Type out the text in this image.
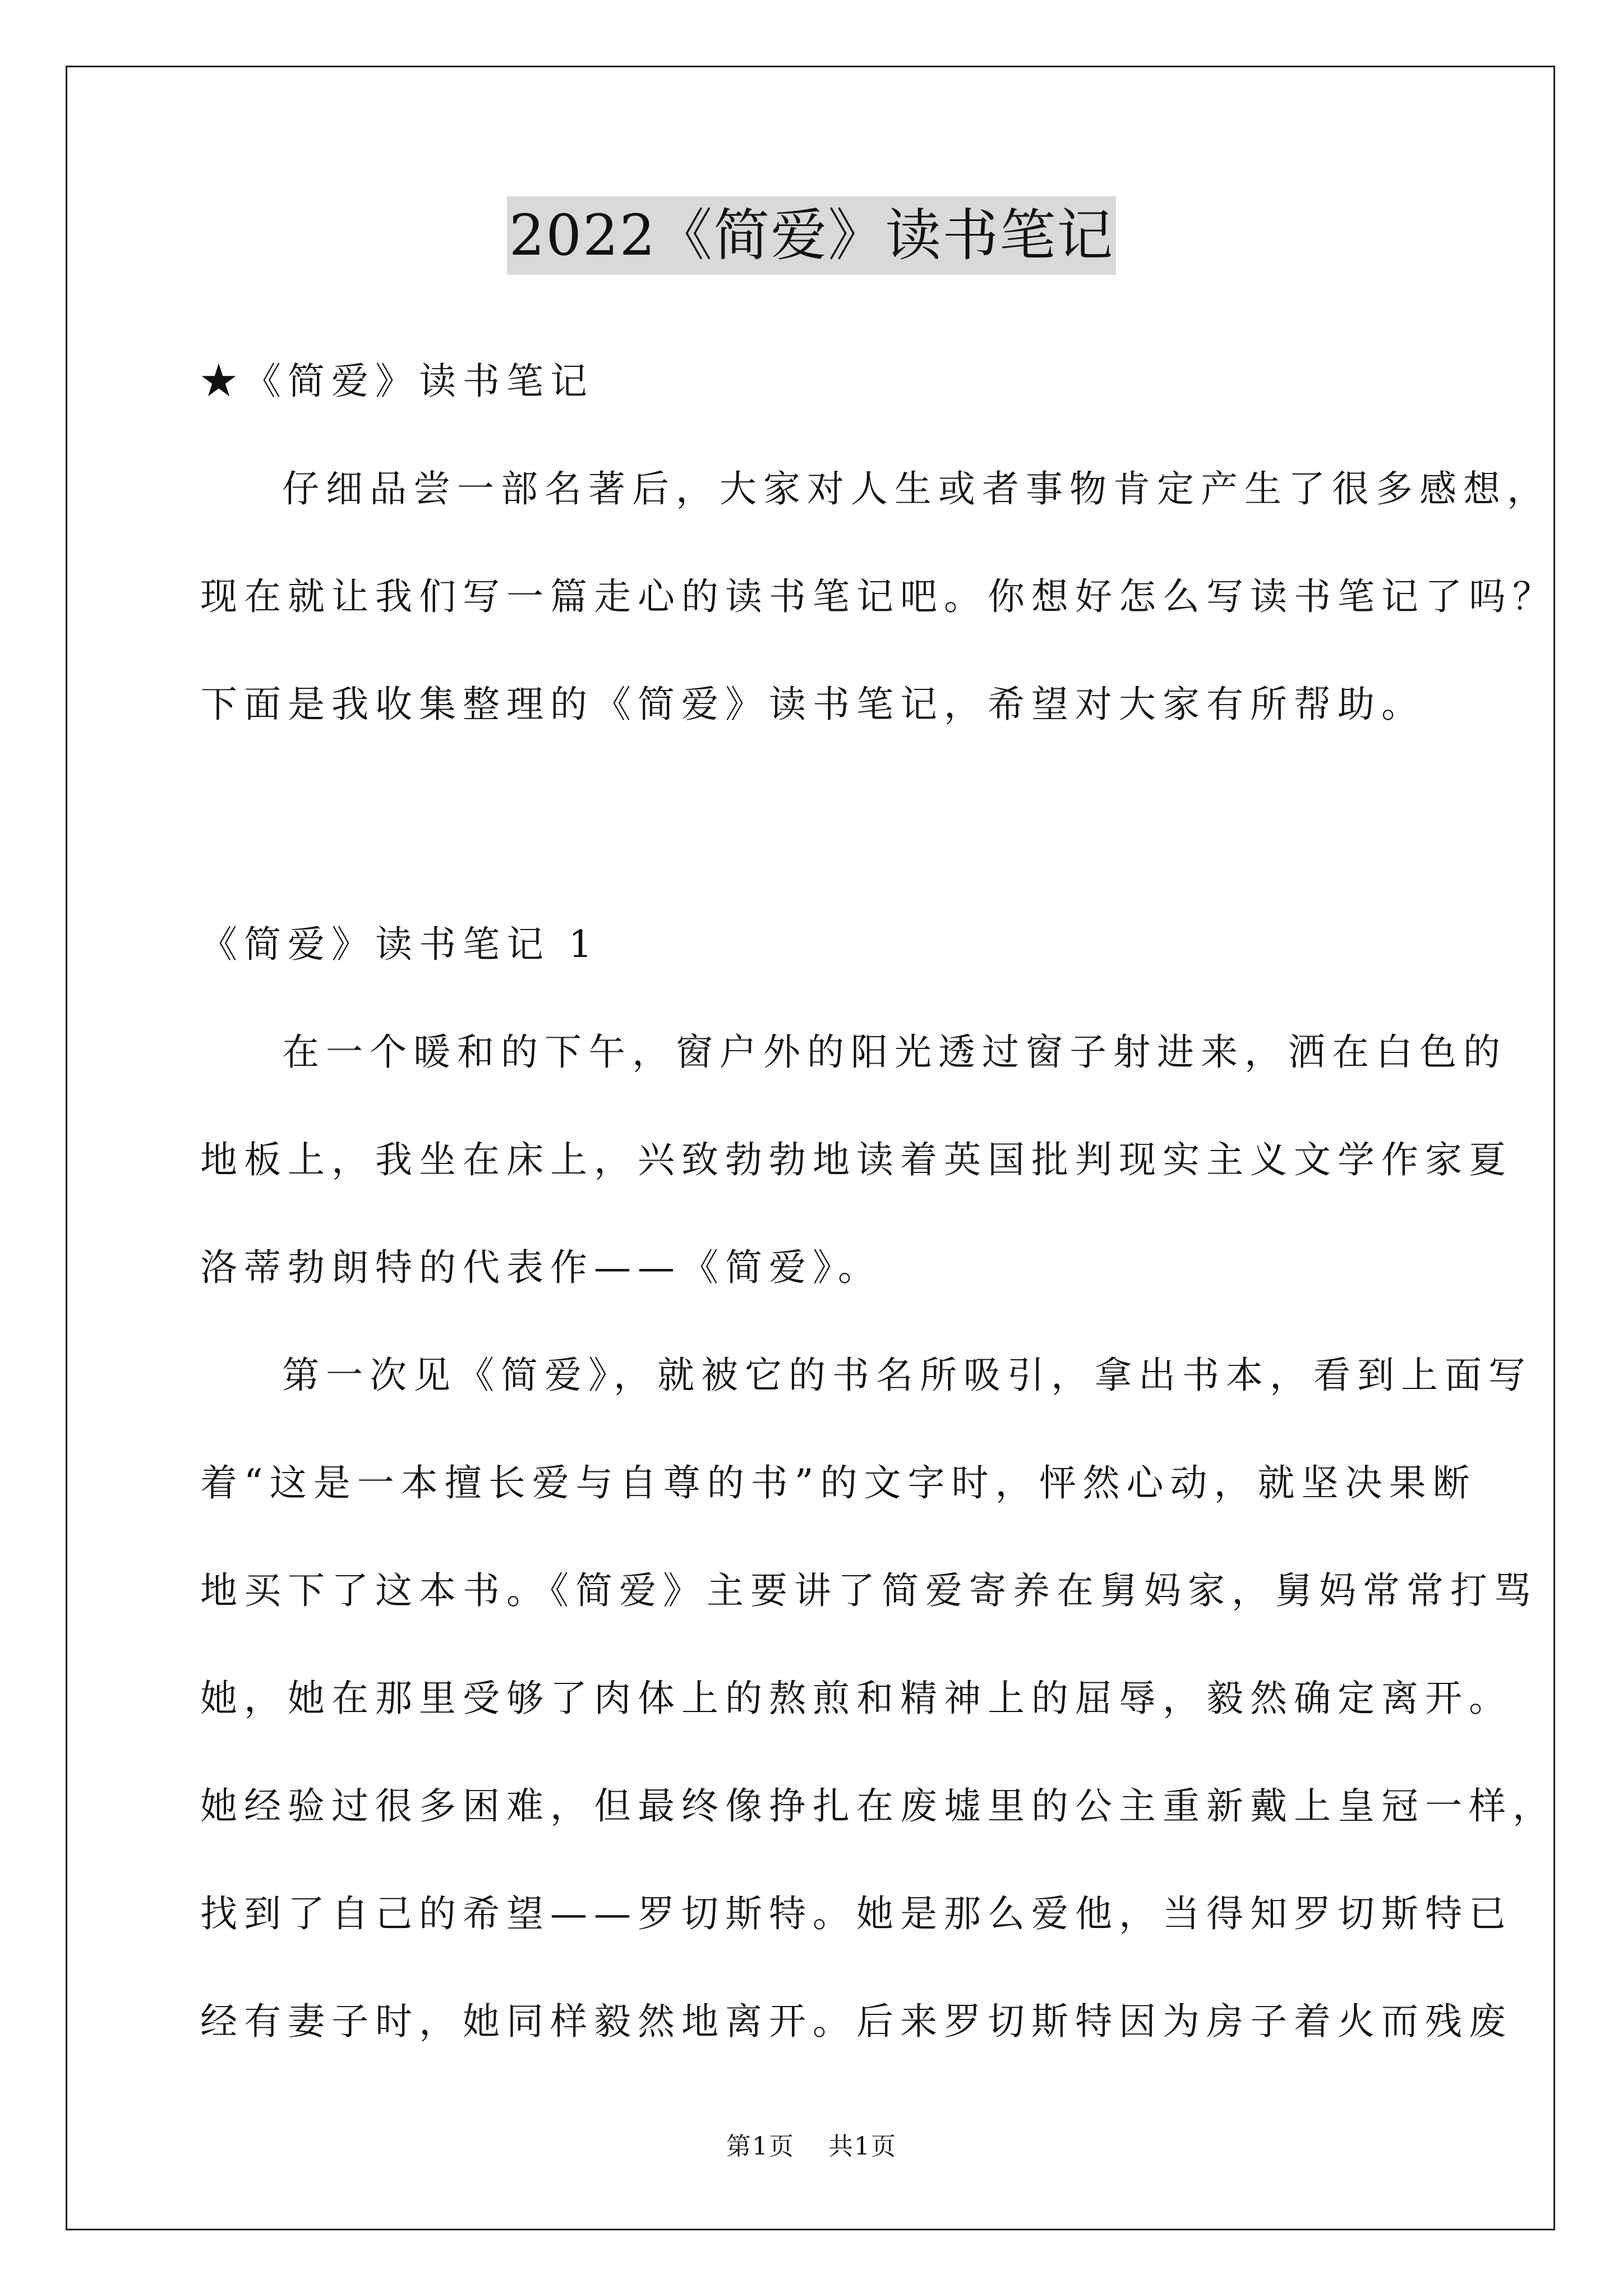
2022《简爱》读书笔记
★《简爱》读书笔记
仔细品尝一部名著后，大家对人生或者事物肯定产生了很多感想，
现在就让我们写一篇走心的读书笔记吧。你想好怎么写读书笔记了吗？
下面是我收集整理的《简爱》读书笔记，希望对大家有所帮助。
《简爱》读书笔记 1
在一个暖和的下午，窗户外的阳光透过窗子射进来，洒在白色的
地板上，我坐在床上，兴致勃勃地读着英国批判现实主义文学作家夏
洛蒂勃朗特的代表作——《简爱》。
第一次见《简爱》，就被它的书名所吸引，拿出书本，看到上面写
着“这是一本擅长爱与自尊的书”的文字时，怦然心动，就坚决果断
地买下了这本书。《简爱》主要讲了简爱寄养在舅妈家，舅妈常常打骂
她，她在那里受够了肉体上的熬煎和精神上的屈辱，毅然确定离开。
她经验过很多困难，但最终像挣扎在废墟里的公主重新戴上皇冠一样，
找到了自己的希望——罗切斯特。她是那么爱他，当得知罗切斯特已
经有妻子时，她同样毅然地离开。后来罗切斯特因为房子着火而残废
第1页 共1页
